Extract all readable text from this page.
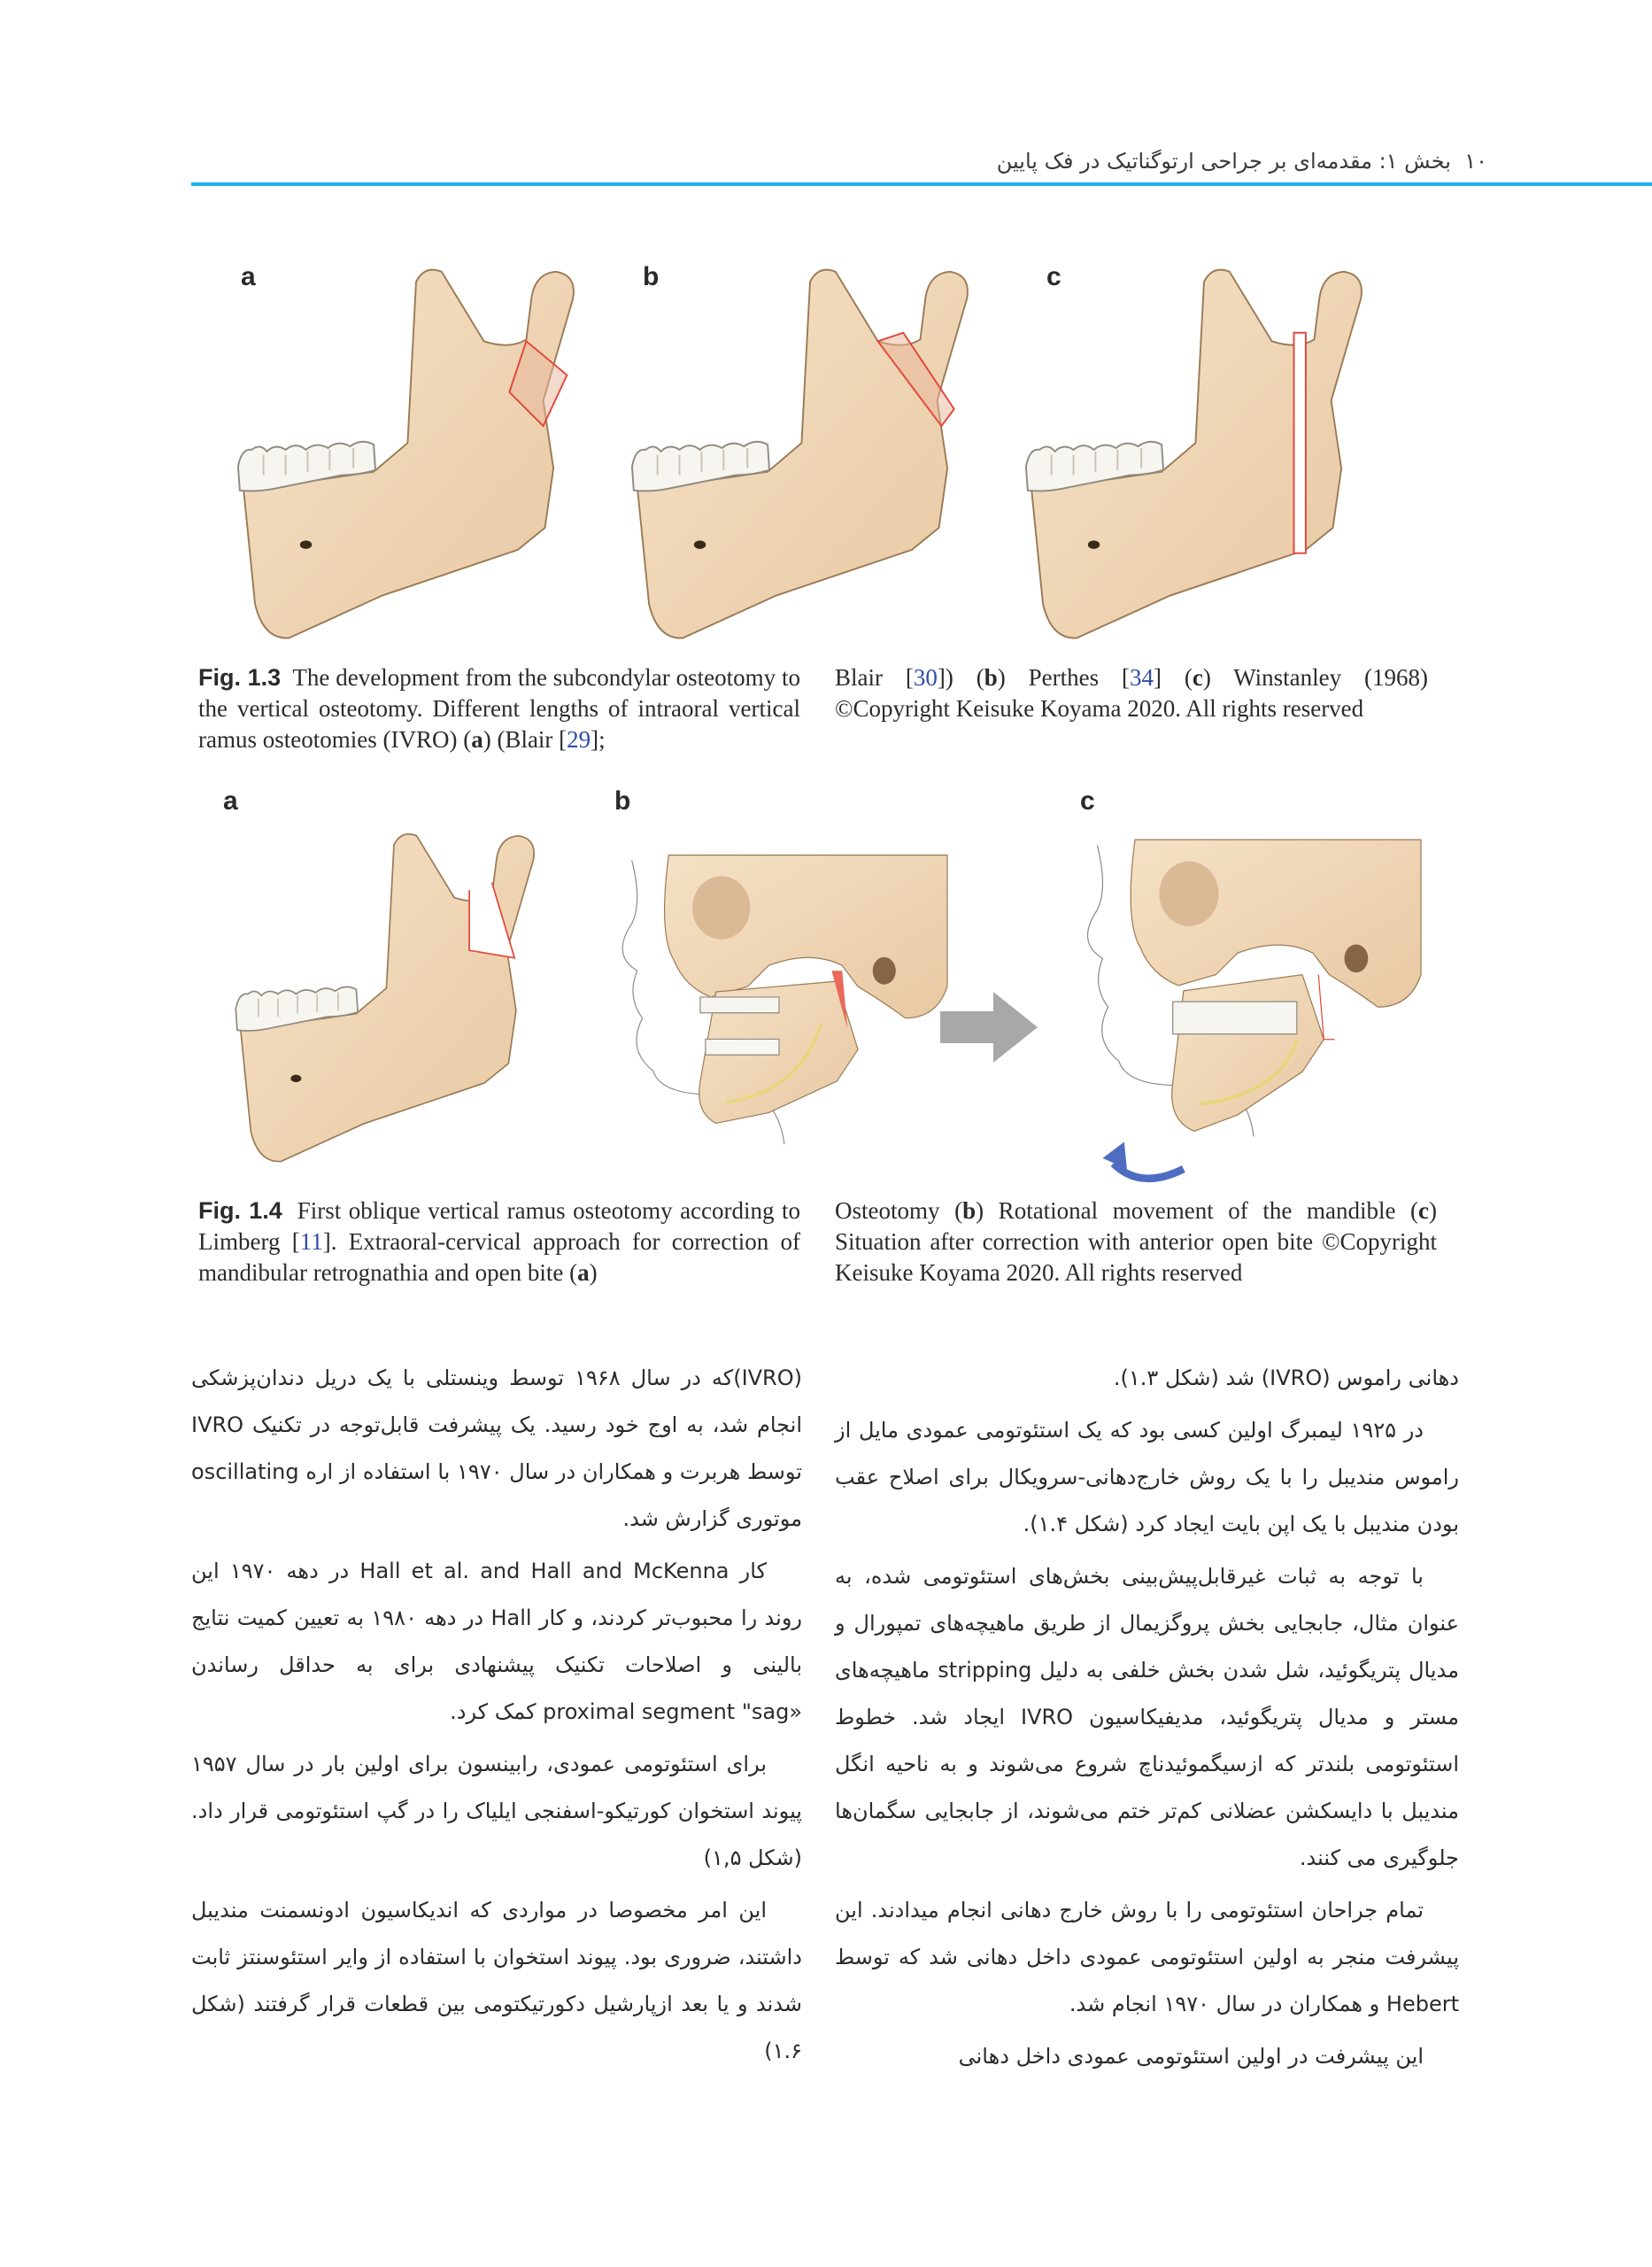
۱۰  بخش ۱: مقدمه‌ای بر جراحی ارتوگناتیک در فک پایین
a	b	c
Fig. 1.3 The development from the subcondylar osteotomy to the vertical osteotomy. Different lengths of intraoral vertical ramus osteotomies (IVRO) (a) (Blair [29];
Blair [30]) (b) Perthes [34] (c) Winstanley (1968) ©Copyright Keisuke Koyama 2020. All rights reserved
a	b	c
Fig. 1.4  First oblique vertical ramus osteotomy according to Limberg [11]. Extraoral-cervical approach for correction of mandibular retrognathia and open bite (a)
Osteotomy (b) Rotational movement of the mandible (c) Situation after correction with anterior open bite ©Copyright Keisuke Koyama 2020. All rights reserved

دهانی راموس (IVRO) شد (شکل ۱.۳).

در ۱۹۲۵ لیمبرگ اولین کسی بود که یک استئوتومی عمودی مایل از راموس مندیبل را با یک روش خارج‌دهانی-سرویکال برای اصلاح عقب بودن مندیبل با یک اپن بایت ایجاد کرد (شکل ۱.۴).

با توجه به ثبات غیرقابل‌پیش‌بینی بخش‌های استئوتومی شده، به عنوان مثال، جابجایی بخش پروگزیمال از طریق ماهیچه‌های تمپورال و مدیال پتریگوئید، شل شدن بخش خلفی به دلیل stripping ماهیچه‌های مستر و مدیال پتریگوئید، مدیفیکاسیون IVRO ایجاد شد. خطوط استئوتومی بلندتر که ازسیگموئیدناچ شروع می‌شوند و به ناحیه انگل مندیبل با دایسکشن عضلانی کم‌تر ختم می‌شوند، از جابجایی سگمان‌ها جلوگیری می کنند.

تمام جراحان استئوتومی را با روش خارج دهانی انجام میدادند. این پیشرفت منجر به اولین استئوتومی عمودی داخل دهانی شد که توسط Hebert و همکاران در سال ۱۹۷۰ انجام شد.

این پیشرفت در اولین استئوتومی عمودی داخل دهانی

(IVRO)که در سال ۱۹۶۸ توسط وینستلی با یک دریل دندان‌پزشکی انجام شد، به اوج خود رسید. یک پیشرفت قابل‌توجه در تکنیک IVRO توسط هربرت و همکاران در سال ۱۹۷۰ با استفاده از اره oscillating موتوری گزارش شد.

کار Hall et al. and Hall and McKenna در دهه ۱۹۷۰ این روند را محبوب‌تر کردند، و کار Hall در دهه ۱۹۸۰ به تعیین کمیت نتایج بالینی و اصلاحات تکنیک پیشنهادی برای به حداقل رساندن «proximal segment "sag کمک کرد.

برای استئوتومی عمودی، رابینسون برای اولین بار در سال ۱۹۵۷ پیوند استخوان کورتیکو-اسفنجی ایلیاک را در گپ استئوتومی قرار داد. (شکل ۱,۵)

این امر مخصوصا در مواردی که اندیکاسیون ادونسمنت مندیبل داشتند، ضروری بود. پیوند استخوان با استفاده از وایر استئوسنتز ثابت شدند و یا بعد ازپارشیل دکورتیکتومی بین قطعات قرار گرفتند (شکل ۱.۶)
